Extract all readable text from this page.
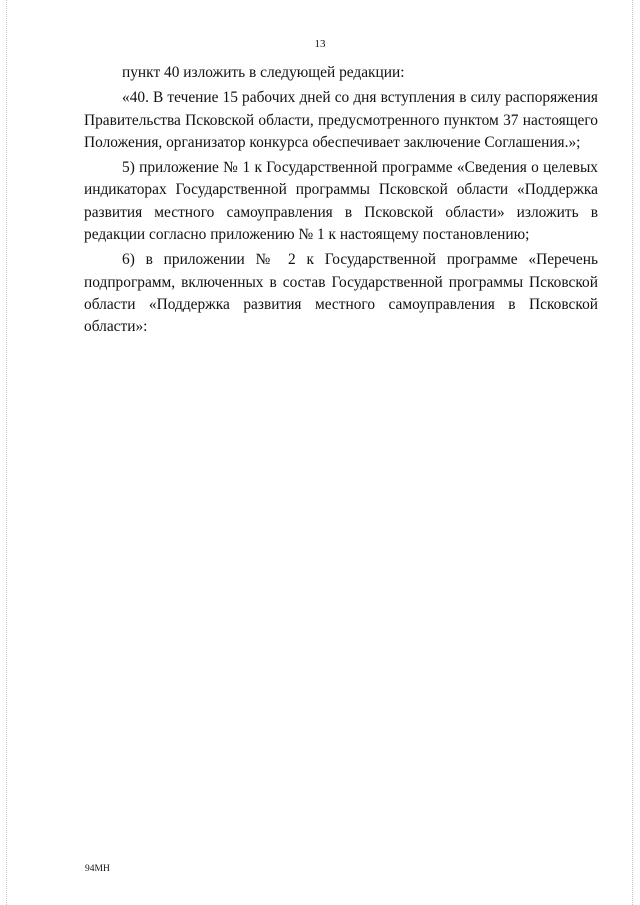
13

пункт 40 изложить в следующей редакции:

«40. В течение 15 рабочих дней со дня вступления в силу распоряжения Правительства Псковской области, предусмотренного пунктом 37 настоящего Положения, организатор конкурса обеспечивает заключение Соглашения.»;

5) приложение № 1 к Государственной программе «Сведения о целевых индикаторах Государственной программы Псковской области «Поддержка развития местного самоуправления в Псковской области» изложить в редакции согласно приложению № 1 к настоящему постановлению;

6) в приложении № 2 к Государственной программе «Перечень подпрограмм, включенных в состав Государственной программы Псковской области «Поддержка развития местного самоуправления в Псковской области»:

94МН
